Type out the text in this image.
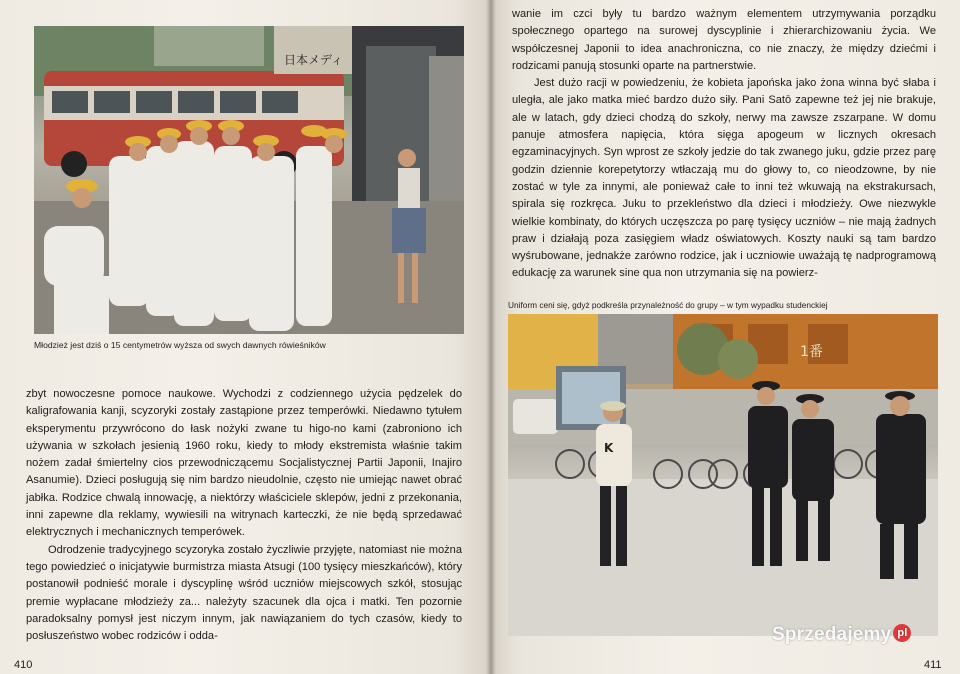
日本メディ
Młodzież jest dziś o 15 centymetrów wyższa od swych dawnych rówieśników

zbyt nowoczesne pomoce naukowe. Wychodzi z codziennego użycia pędzelek do kaligrafowania kanji, scyzoryki zostały zastąpione przez temperówki. Niedawno tytułem eksperymentu przywrócono do łask nożyki zwane tu higo-no kami (zabroniono ich używania w szkołach jesienią 1960 roku, kiedy to młody ekstremista właśnie takim nożem zadał śmiertelny cios przewodniczącemu Socjalistycznej Partii Japonii, Inajiro Asanumie). Dzieci posługują się nim bardzo nieudolnie, często nie umiejąc nawet obrać jabłka. Rodzice chwalą innowację, a niektórzy właściciele sklepów, jedni z przekonania, inni zapewne dla reklamy, wywiesili na witrynach karteczki, że nie będą sprzedawać elektrycznych i mechanicznych temperówek.

Odrodzenie tradycyjnego scyzoryka zostało życzliwie przyjęte, natomiast nie można tego powiedzieć o inicjatywie burmistrza miasta Atsugi (100 tysięcy mieszkańców), który postanowił podnieść morale i dyscyplinę wśród uczniów miejscowych szkół, stosując premie wypłacane młodzieży za... należyty szacunek dla ojca i matki. Ten pozornie paradoksalny pomysł jest niczym innym, jak nawiązaniem do tych czasów, kiedy to posłuszeństwo wobec rodziców i odda-

410

wanie im czci były tu bardzo ważnym elementem utrzymywania porządku społecznego opartego na surowej dyscyplinie i zhierarchizowaniu życia. We współczesnej Japonii to idea anachroniczna, co nie znaczy, że między dziećmi i rodzicami panują stosunki oparte na partnerstwie.

Jest dużo racji w powiedzeniu, że kobieta japońska jako żona winna być słaba i uległa, ale jako matka mieć bardzo dużo siły. Pani Satō zapewne też jej nie brakuje, ale w latach, gdy dzieci chodzą do szkoły, nerwy ma zawsze zszarpane. W domu panuje atmosfera napięcia, która sięga apogeum w licznych okresach egzaminacyjnych. Syn wprost ze szkoły jedzie do tak zwanego juku, gdzie przez parę godzin dziennie korepetytorzy wtłaczają mu do głowy to, co nieodzowne, by nie zostać w tyle za innymi, ale ponieważ całe to inni też wkuwają na ekstrakursach, spirala się rozkręca. Juku to przekleństwo dla dzieci i młodzieży. Owe niezwykle wielkie kombinaty, do których uczęszcza po parę tysięcy uczniów – nie mają żadnych praw i działają poza zasięgiem władz oświatowych. Koszty nauki są tam bardzo wyśrubowane, jednakże zarówno rodzice, jak i uczniowie uważają tę nadprogramową edukację za warunek sine qua non utrzymania się na powierz-

Uniform ceni się, gdyż podkreśla przynależność do grupy – w tym wypadku studenckiej
1番
K
411
Sprzedajemy pl
